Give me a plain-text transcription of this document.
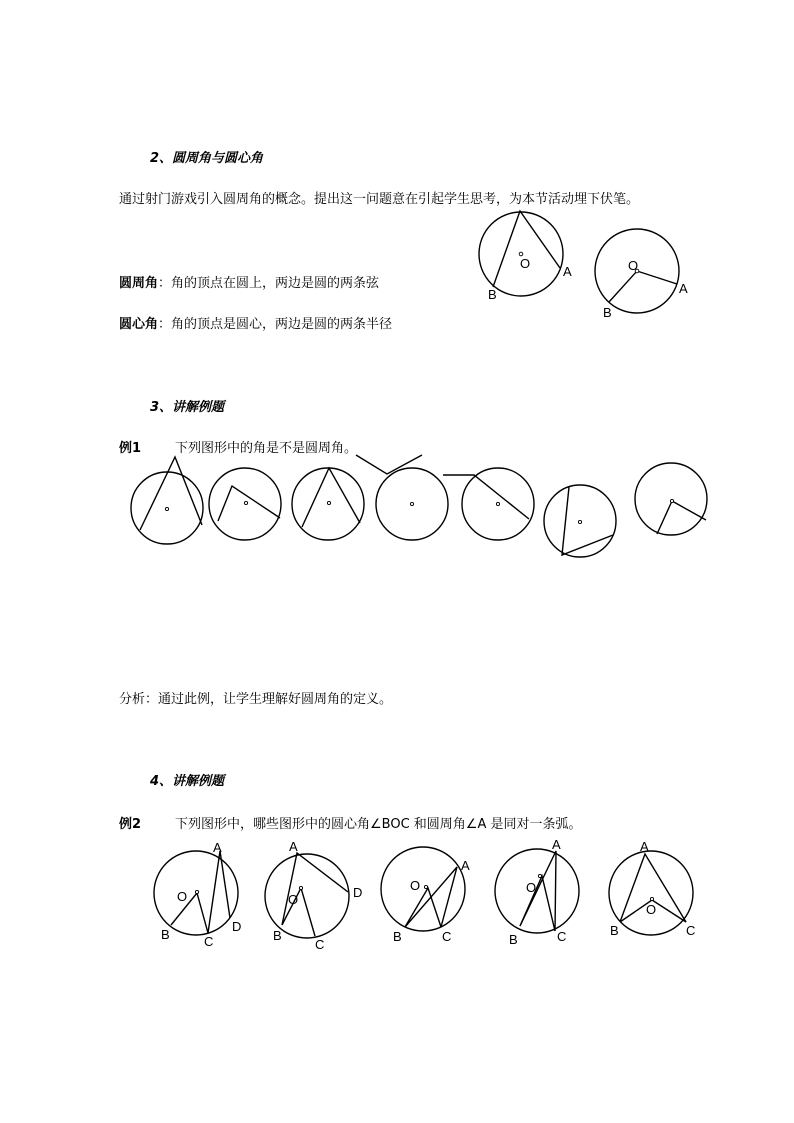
2、圆周角与圆心角
通过射门游戏引入圆周角的概念。提出这一问题意在引起学生思考，为本节活动埋下伏笔。
圆周角：角的顶点在圆上，两边是圆的两条弦
圆心角：角的顶点是圆心，两边是圆的两条半径
3、讲解例题
例1	下列图形中的角是不是圆周角。
分析：通过此例，让学生理解好圆周角的定义。
4、讲解例题
例2	下列图形中，哪些图形中的圆心角∠BOC 和圆周角∠A 是同对一条弧。
O
A
B
O
A
B
O
A
B	C
D
O
A
B
C
D	O
A
B	C
O
A
B	C
O
A
B	C
